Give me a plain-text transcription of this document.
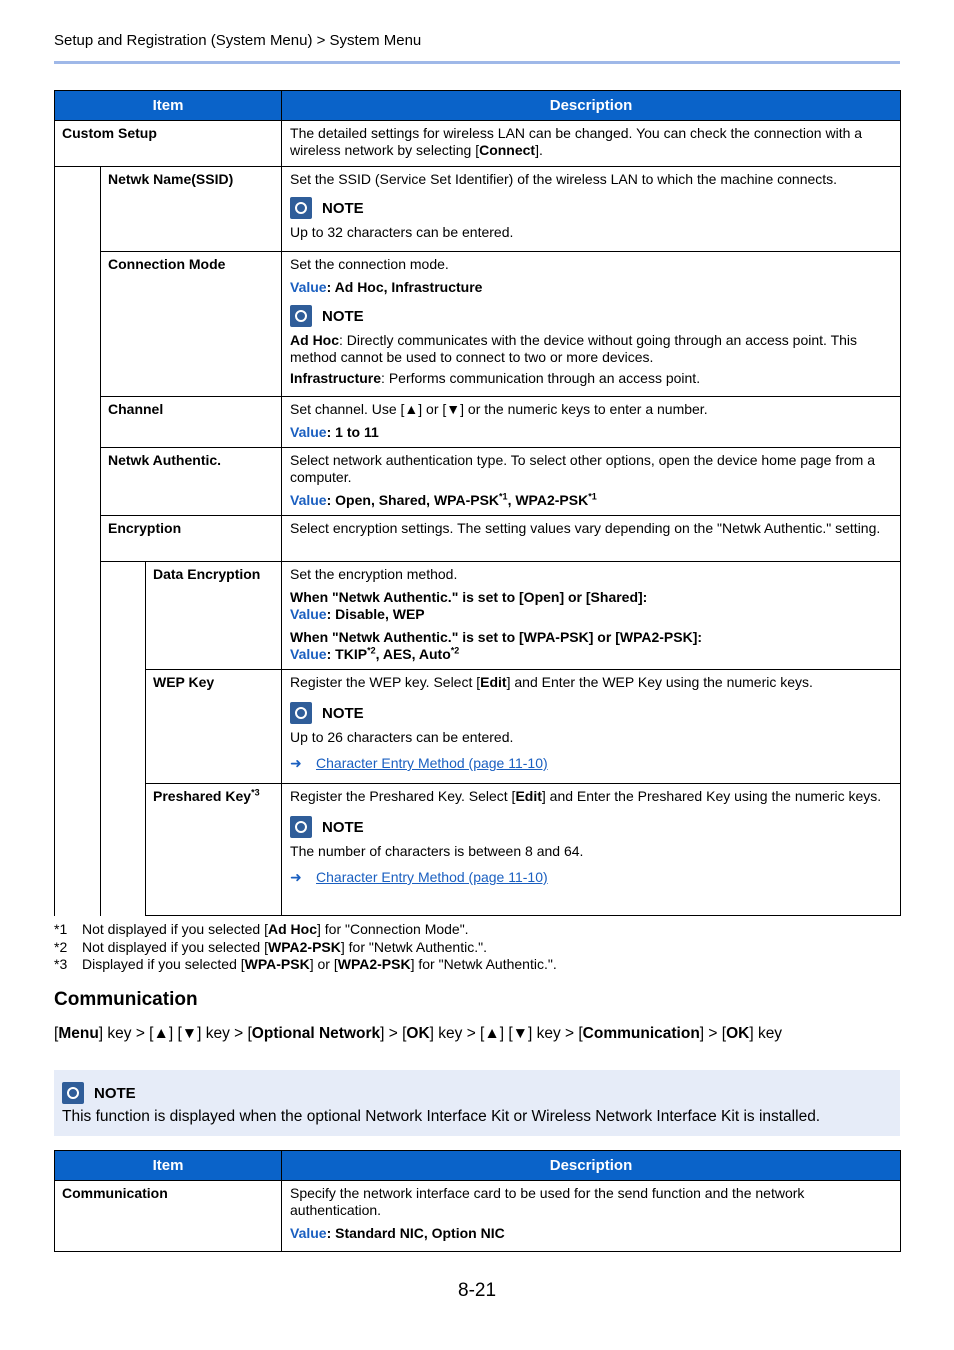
Setup and Registration (System Menu) > System Menu
Item			Description
Custom Setup			The detailed settings for wireless LAN can be changed. You can check the connection with a wireless network by selecting [Connect].
	Netwk Name(SSID)		Set the SSID (Service Set Identifier) of the wireless LAN to which the machine connects.
NOTE
Up to 32 characters can be entered.

	Connection Mode		Set the connection mode.
Value: Ad Hoc, Infrastructure
NOTE
Ad Hoc: Directly communicates with the device without going through an access point. This method cannot be used to connect to two or more devices.
Infrastructure: Performs communication through an access point.

	Channel		Set channel. Use [▲] or [▼] or the numeric keys to enter a number.
Value: 1 to 11

	Netwk Authentic.		Select network authentication type. To select other options, open the device home page from a computer.
Value: Open, Shared, WPA-PSK$^{*1}$, WPA2-PSK$^{*1}$

	Encryption		Select encryption settings. The setting values vary depending on the "Netwk Authentic." setting.
		Data Encryption	Set the encryption method.
When "Netwk Authentic." is set to [Open] or [Shared]:
Value: Disable, WEP
When "Netwk Authentic." is set to [WPA-PSK] or [WPA2-PSK]:
Value: TKIP$^{*2}$, AES, Auto$^{*2}$

		WEP Key	Register the WEP key. Select [Edit] and Enter the WEP Key using the numeric keys.
NOTE
Up to 26 characters can be entered.
➜ Character Entry Method (page 11-10)

		Preshared Key$^{*3}$	Register the Preshared Key. Select [Edit] and Enter the Preshared Key using the numeric keys.
NOTE
The number of characters is between 8 and 64.
➜ Character Entry Method (page 11-10)
*1	Not displayed if you selected [Ad Hoc] for "Connection Mode".
*2	Not displayed if you selected [WPA2-PSK] for "Netwk Authentic.".
*3	Displayed if you selected [WPA-PSK] or [WPA2-PSK] for "Netwk Authentic.".
Communication
[Menu] key > [▲] [▼] key > [Optional Network] > [OK] key > [▲] [▼] key > [Communication] > [OK] key
NOTE
This function is displayed when the optional Network Interface Kit or Wireless Network Interface Kit is installed.
Item	Description
Communication	Specify the network interface card to be used for the send function and the network authentication.
Value: Standard NIC, Option NIC
8-21
